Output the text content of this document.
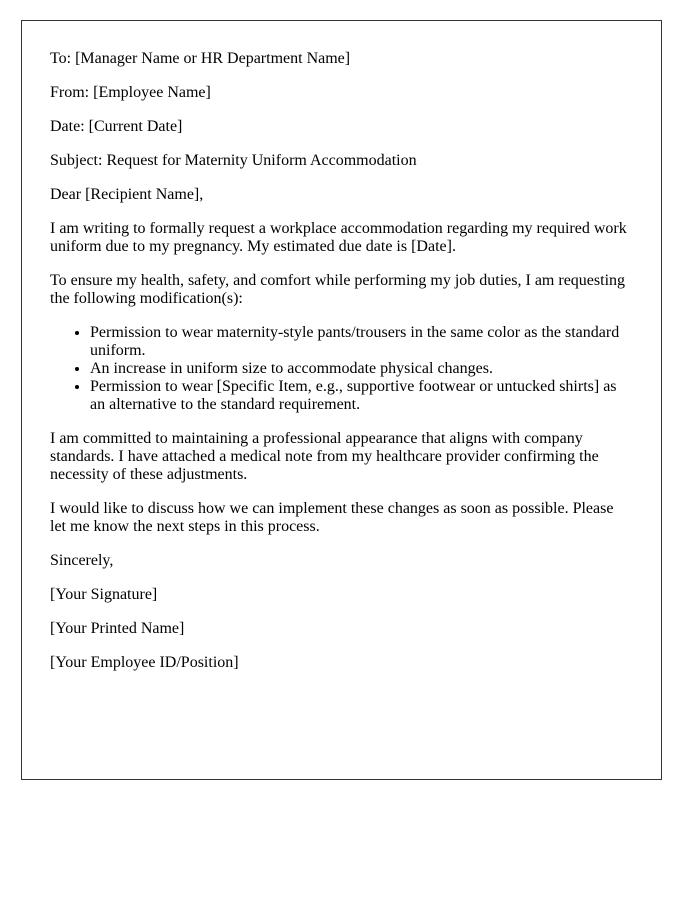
To: [Manager Name or HR Department Name]

From: [Employee Name]

Date: [Current Date]

Subject: Request for Maternity Uniform Accommodation

Dear [Recipient Name],

I am writing to formally request a workplace accommodation regarding my required work uniform due to my pregnancy. My estimated due date is [Date].

To ensure my health, safety, and comfort while performing my job duties, I am requesting the following modification(s):

• Permission to wear maternity-style pants/trousers in the same color as the standard uniform.
• An increase in uniform size to accommodate physical changes.
• Permission to wear [Specific Item, e.g., supportive footwear or untucked shirts] as an alternative to the standard requirement.

I am committed to maintaining a professional appearance that aligns with company standards. I have attached a medical note from my healthcare provider confirming the necessity of these adjustments.

I would like to discuss how we can implement these changes as soon as possible. Please let me know the next steps in this process.

Sincerely,

[Your Signature]

[Your Printed Name]

[Your Employee ID/Position]
